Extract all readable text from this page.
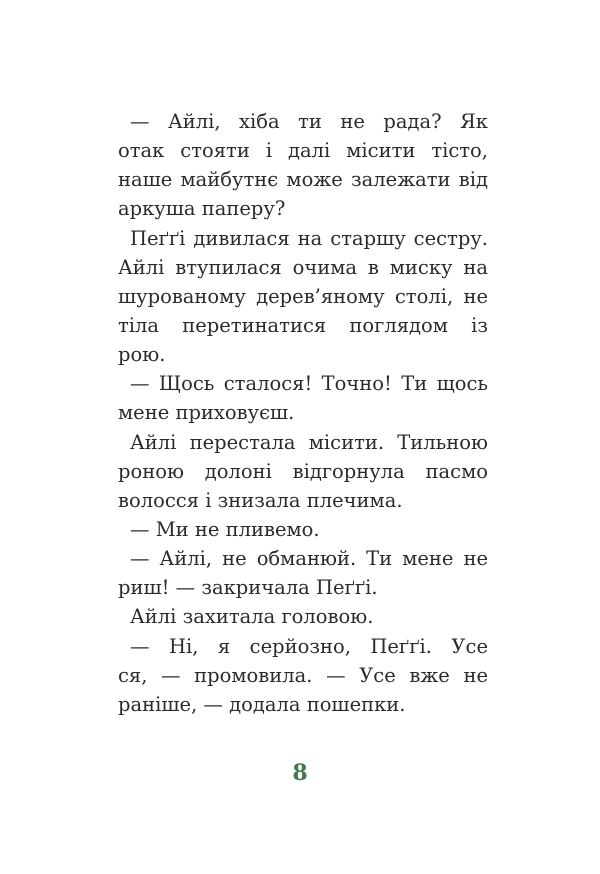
— Айлі, хіба ти не рада? Як
отак стояти і далі місити тісто,
наше майбутнє може залежати від
аркуша паперу?
Пеґґі дивилася на старшу сестру.
Айлі втупилася очима в миску на
шурованому дерев’яному столі, не
тіла перетинатися поглядом із
рою.
— Щось сталося! Точно! Ти щось
мене приховуєш.
Айлі перестала місити. Тильною
роною долоні відгорнула пасмо
волосся і знизала плечима.
— Ми не пливемо.
— Айлі, не обманюй. Ти мене не
риш! — закричала Пеґґі.
Айлі захитала головою.
— Ні, я серйозно, Пеґґі. Усе
ся, — промовила. — Усе вже не
раніше, — додала пошепки.
8
